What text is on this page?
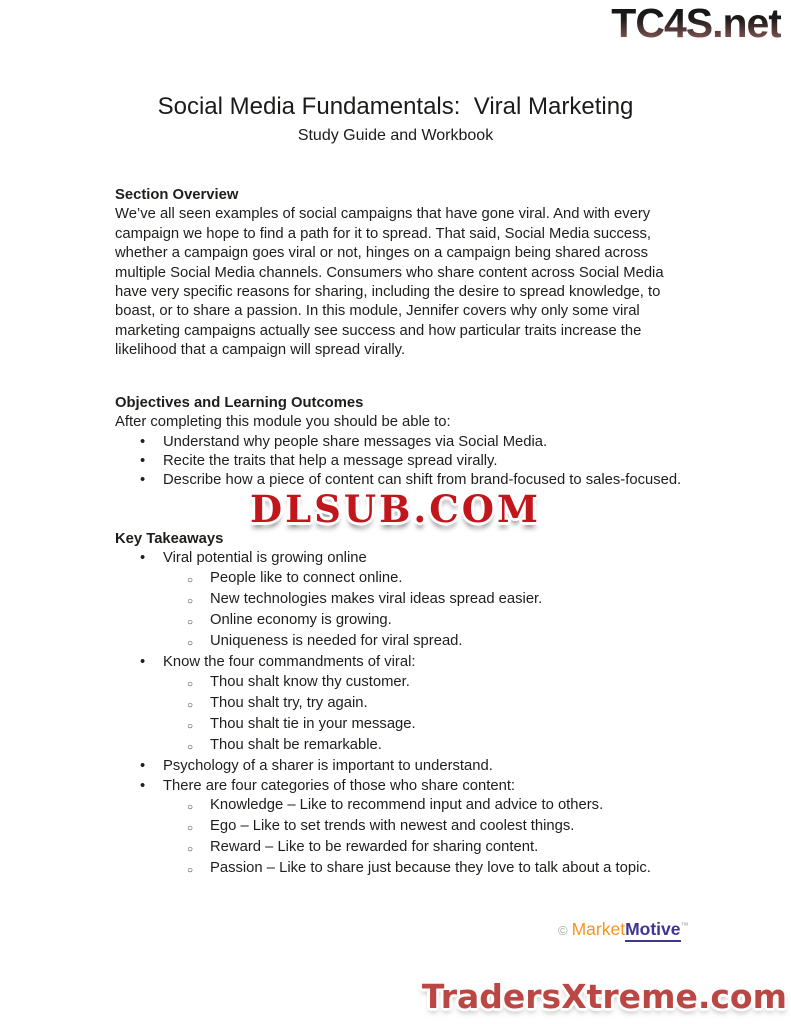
TC4S.net
Social Media Fundamentals:  Viral Marketing
Study Guide and Workbook
Section Overview
We’ve all seen examples of social campaigns that have gone viral. And with every campaign we hope to find a path for it to spread. That said, Social Media success, whether a campaign goes viral or not, hinges on a campaign being shared across multiple Social Media channels. Consumers who share content across Social Media have very specific reasons for sharing, including the desire to spread knowledge, to boast, or to share a passion. In this module, Jennifer covers why only some viral marketing campaigns actually see success and how particular traits increase the likelihood that a campaign will spread virally.
Objectives and Learning Outcomes
After completing this module you should be able to:
•	Understand why people share messages via Social Media.
•	Recite the traits that help a message spread virally.
•	Describe how a piece of content can shift from brand-focused to sales-focused.
DLSUB.COM
Key Takeaways
•	Viral potential is growing online
○	People like to connect online.
○	New technologies makes viral ideas spread easier.
○	Online economy is growing.
○	Uniqueness is needed for viral spread.
•	Know the four commandments of viral:
○	Thou shalt know thy customer.
○	Thou shalt try, try again.
○	Thou shalt tie in your message.
○	Thou shalt be remarkable.
•	Psychology of a sharer is important to understand.
•	There are four categories of those who share content:
○	Knowledge – Like to recommend input and advice to others.
○	Ego – Like to set trends with newest and coolest things.
○	Reward – Like to be rewarded for sharing content.
○	Passion – Like to share just because they love to talk about a topic.
© Market Motive ™
TradersXtreme.com
